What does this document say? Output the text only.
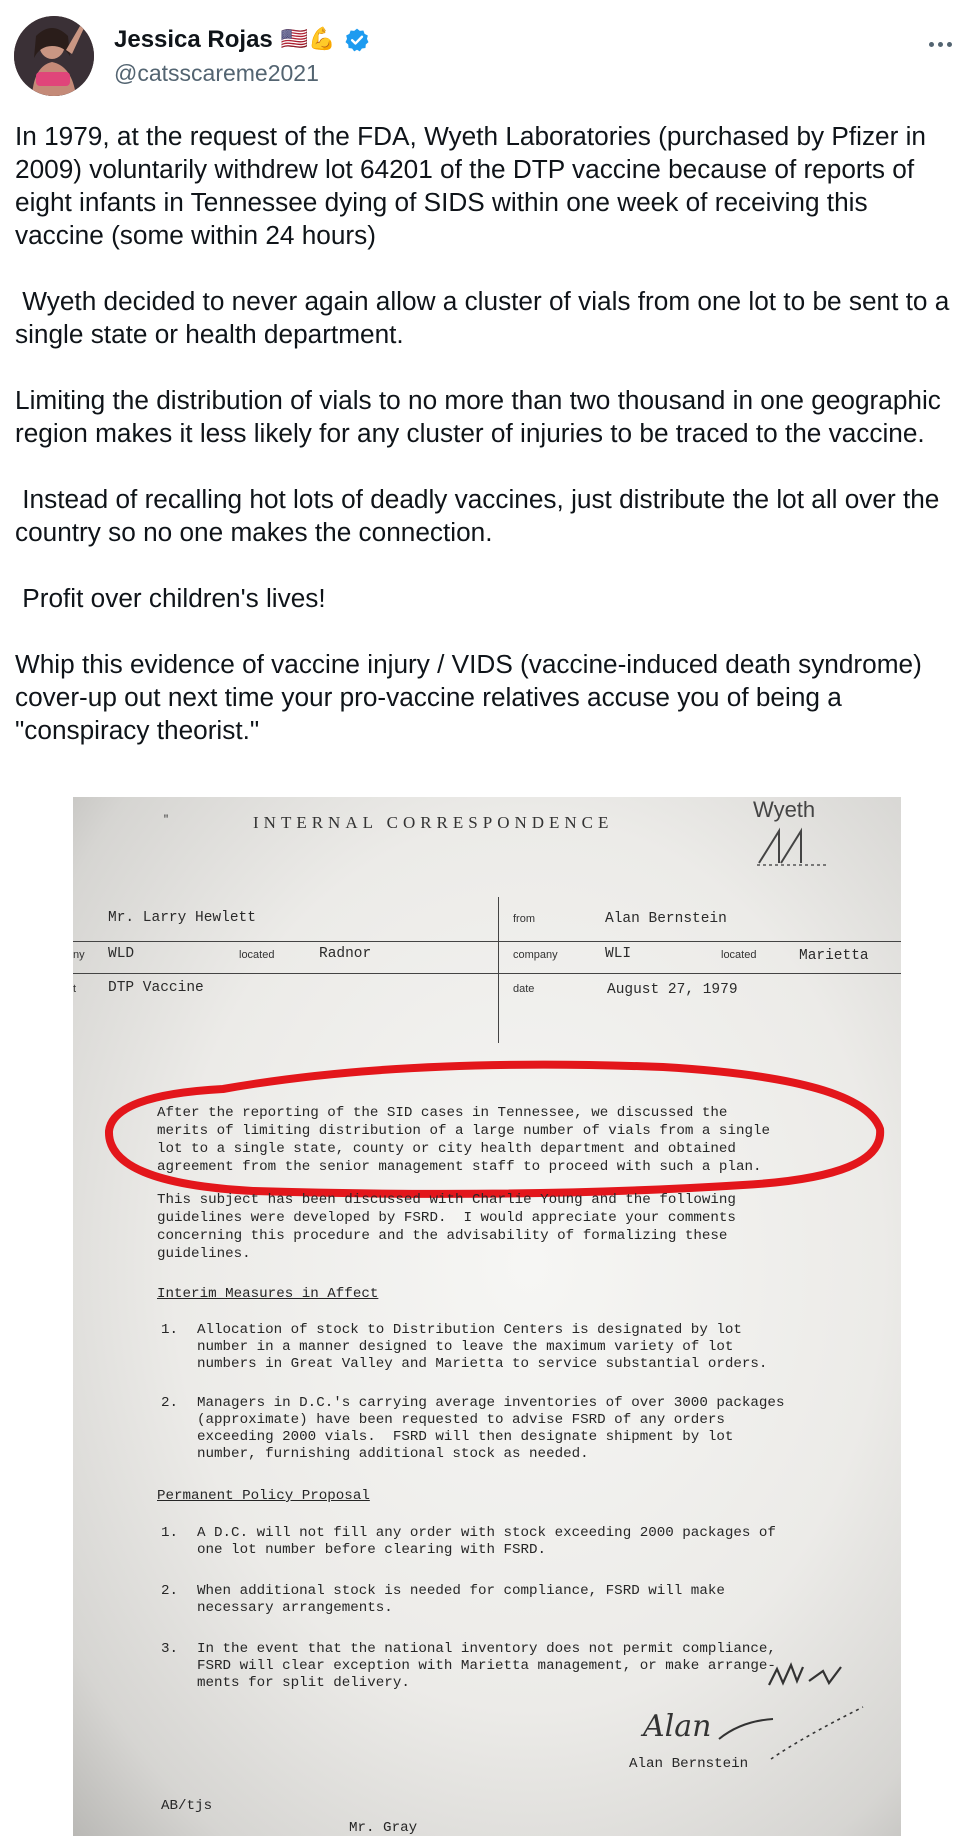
Jessica Rojas 🇺🇸💪
@catsscareme2021
In 1979, at the request of the FDA, Wyeth Laboratories (purchased by Pfizer in 2009) voluntarily withdrew lot 64201 of the DTP vaccine because of reports of eight infants in Tennessee dying of SIDS within one week of receiving this vaccine (some within 24 hours)

Wyeth decided to never again allow a cluster of vials from one lot to be sent to a single state or health department.

Limiting the distribution of vials to no more than two thousand in one geographic region makes it less likely for any cluster of injuries to be traced to the vaccine.

Instead of recalling hot lots of deadly vaccines, just distribute the lot all over the country so no one makes the connection.

Profit over children's lives!

Whip this evidence of vaccine injury / VIDS (vaccine-induced death syndrome) cover-up out next time your pro-vaccine relatives accuse you of being a "conspiracy theorist."
INTERNAL CORRESPONDENCE
"	Wyeth
Mr. Larry Hewlett
ny WLD	located	Radnor
t DTP Vaccine
from	Alan Bernstein
company	WLI	located	Marietta
date	August 27, 1979
After the reporting of the SID cases in Tennessee, we discussed the
merits of limiting distribution of a large number of vials from a single
lot to a single state, county or city health department and obtained
agreement from the senior management staff to proceed with such a plan.
This subject has been discussed with Charlie Young and the following
guidelines were developed by FSRD.  I would appreciate your comments
concerning this procedure and the advisability of formalizing these
guidelines.
Interim Measures in Affect
1. Allocation of stock to Distribution Centers is designated by lot
number in a manner designed to leave the maximum variety of lot
numbers in Great Valley and Marietta to service substantial orders.
2. Managers in D.C.'s carrying average inventories of over 3000 packages
(approximate) have been requested to advise FSRD of any orders
exceeding 2000 vials.  FSRD will then designate shipment by lot
number, furnishing additional stock as needed.
Permanent Policy Proposal
1. A D.C. will not fill any order with stock exceeding 2000 packages of
one lot number before clearing with FSRD.
2. When additional stock is needed for compliance, FSRD will make
necessary arrangements.
3. In the event that the national inventory does not permit compliance,
FSRD will clear exception with Marietta management, or make arrange-
ments for split delivery.
Alan
Alan Bernstein
AB/tjs
Mr. Gray
